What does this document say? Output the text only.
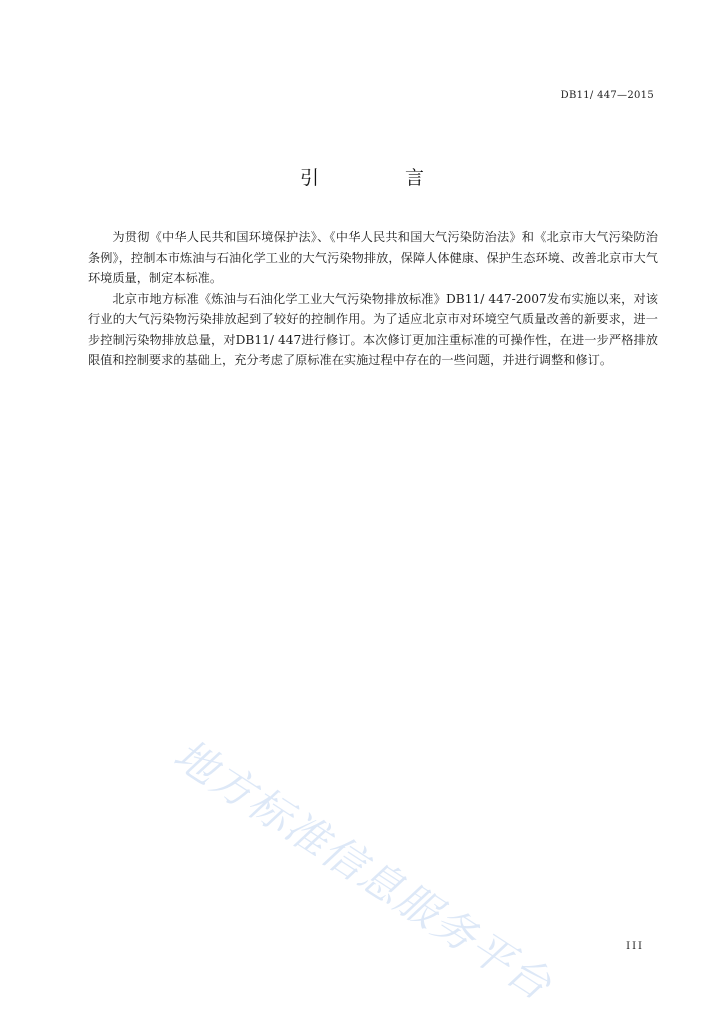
DB11/ 447—2015
引 言

为贯彻《中华人民共和国环境保护法》、《中华人民共和国大气污染防治法》和《北京市大气污染防治条例》，控制本市炼油与石油化学工业的大气污染物排放，保障人体健康、保护生态环境、改善北京市大气环境质量，制定本标准。

北京市地方标准《炼油与石油化学工业大气污染物排放标准》DB11/ 447-2007发布实施以来，对该行业的大气污染物污染排放起到了较好的控制作用。为了适应北京市对环境空气质量改善的新要求，进一步控制污染物排放总量，对DB11/ 447进行修订。本次修订更加注重标准的可操作性，在进一步严格排放限值和控制要求的基础上，充分考虑了原标准在实施过程中存在的一些问题，并进行调整和修订。

地方标准信息服务平台	III
